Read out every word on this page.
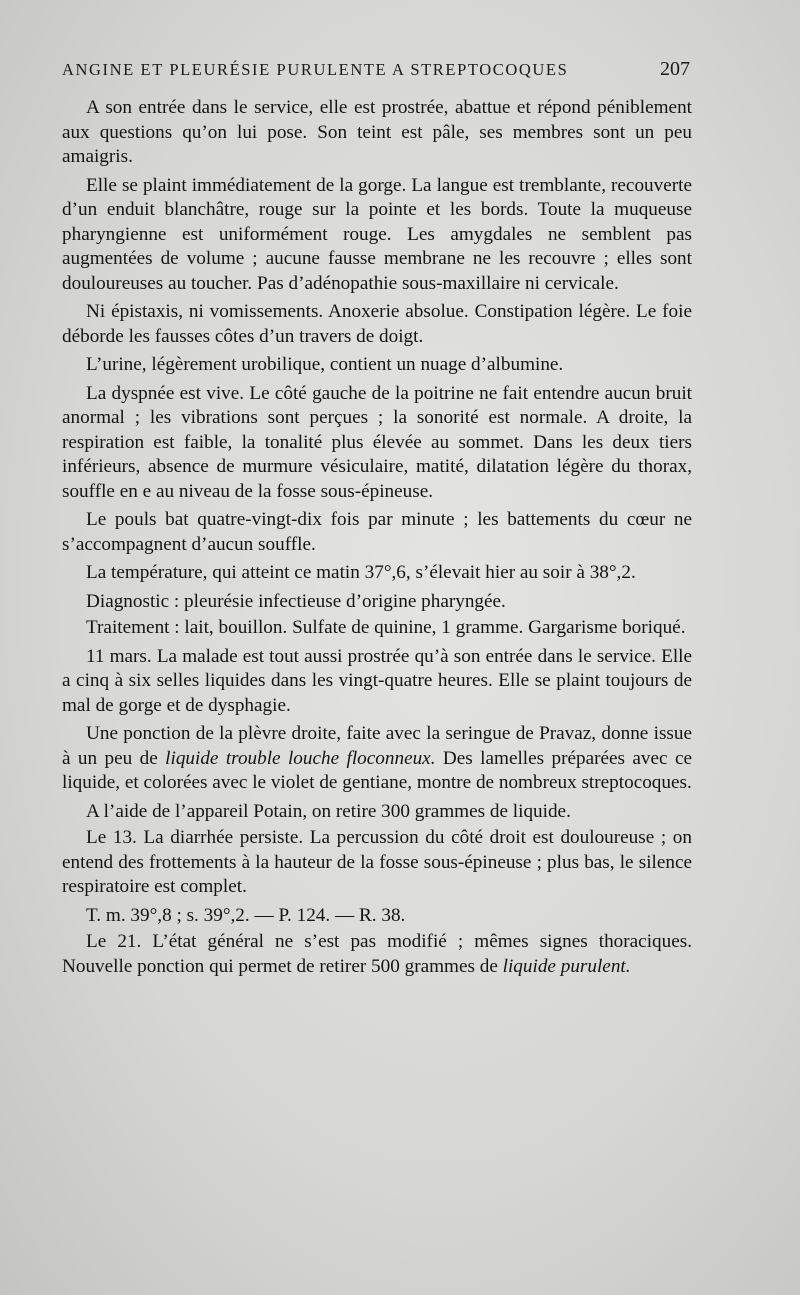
ANGINE ET PLEURÉSIE PURULENTE A STREPTOCOQUES	207

A son entrée dans le service, elle est prostrée, abattue et répond péniblement aux questions qu’on lui pose. Son teint est pâle, ses membres sont un peu amaigris.

Elle se plaint immédiatement de la gorge. La langue est tremblante, recouverte d’un enduit blanchâtre, rouge sur la pointe et les bords. Toute la muqueuse pharyngienne est uniformément rouge. Les amygdales ne semblent pas augmentées de volume ; aucune fausse membrane ne les recouvre ; elles sont douloureuses au toucher. Pas d’adénopathie sous-maxillaire ni cervicale.

Ni épistaxis, ni vomissements. Anoxerie absolue. Constipation légère. Le foie déborde les fausses côtes d’un travers de doigt.

L’urine, légèrement urobilique, contient un nuage d’albumine.

La dyspnée est vive. Le côté gauche de la poitrine ne fait entendre aucun bruit anormal ; les vibrations sont perçues ; la sonorité est normale. A droite, la respiration est faible, la tonalité plus élevée au sommet. Dans les deux tiers inférieurs, absence de murmure vésiculaire, matité, dilatation légère du thorax, souffle en e au niveau de la fosse sous-épineuse.

Le pouls bat quatre-vingt-dix fois par minute ; les battements du cœur ne s’accompagnent d’aucun souffle.

La température, qui atteint ce matin 37°,6, s’élevait hier au soir à 38°,2.

Diagnostic : pleurésie infectieuse d’origine pharyngée.

Traitement : lait, bouillon. Sulfate de quinine, 1 gramme. Gargarisme boriqué.

11 mars. La malade est tout aussi prostrée qu’à son entrée dans le service. Elle a cinq à six selles liquides dans les vingt-quatre heures. Elle se plaint toujours de mal de gorge et de dysphagie.

Une ponction de la plèvre droite, faite avec la seringue de Pravaz, donne issue à un peu de liquide trouble louche floconneux. Des lamelles préparées avec ce liquide, et colorées avec le violet de gentiane, montre de nombreux streptocoques.

A l’aide de l’appareil Potain, on retire 300 grammes de liquide.

Le 13. La diarrhée persiste. La percussion du côté droit est douloureuse ; on entend des frottements à la hauteur de la fosse sous-épineuse ; plus bas, le silence respiratoire est complet.

T. m. 39°,8 ; s. 39°,2. — P. 124. — R. 38.

Le 21. L’état général ne s’est pas modifié ; mêmes signes thoraciques. Nouvelle ponction qui permet de retirer 500 grammes de liquide purulent.
